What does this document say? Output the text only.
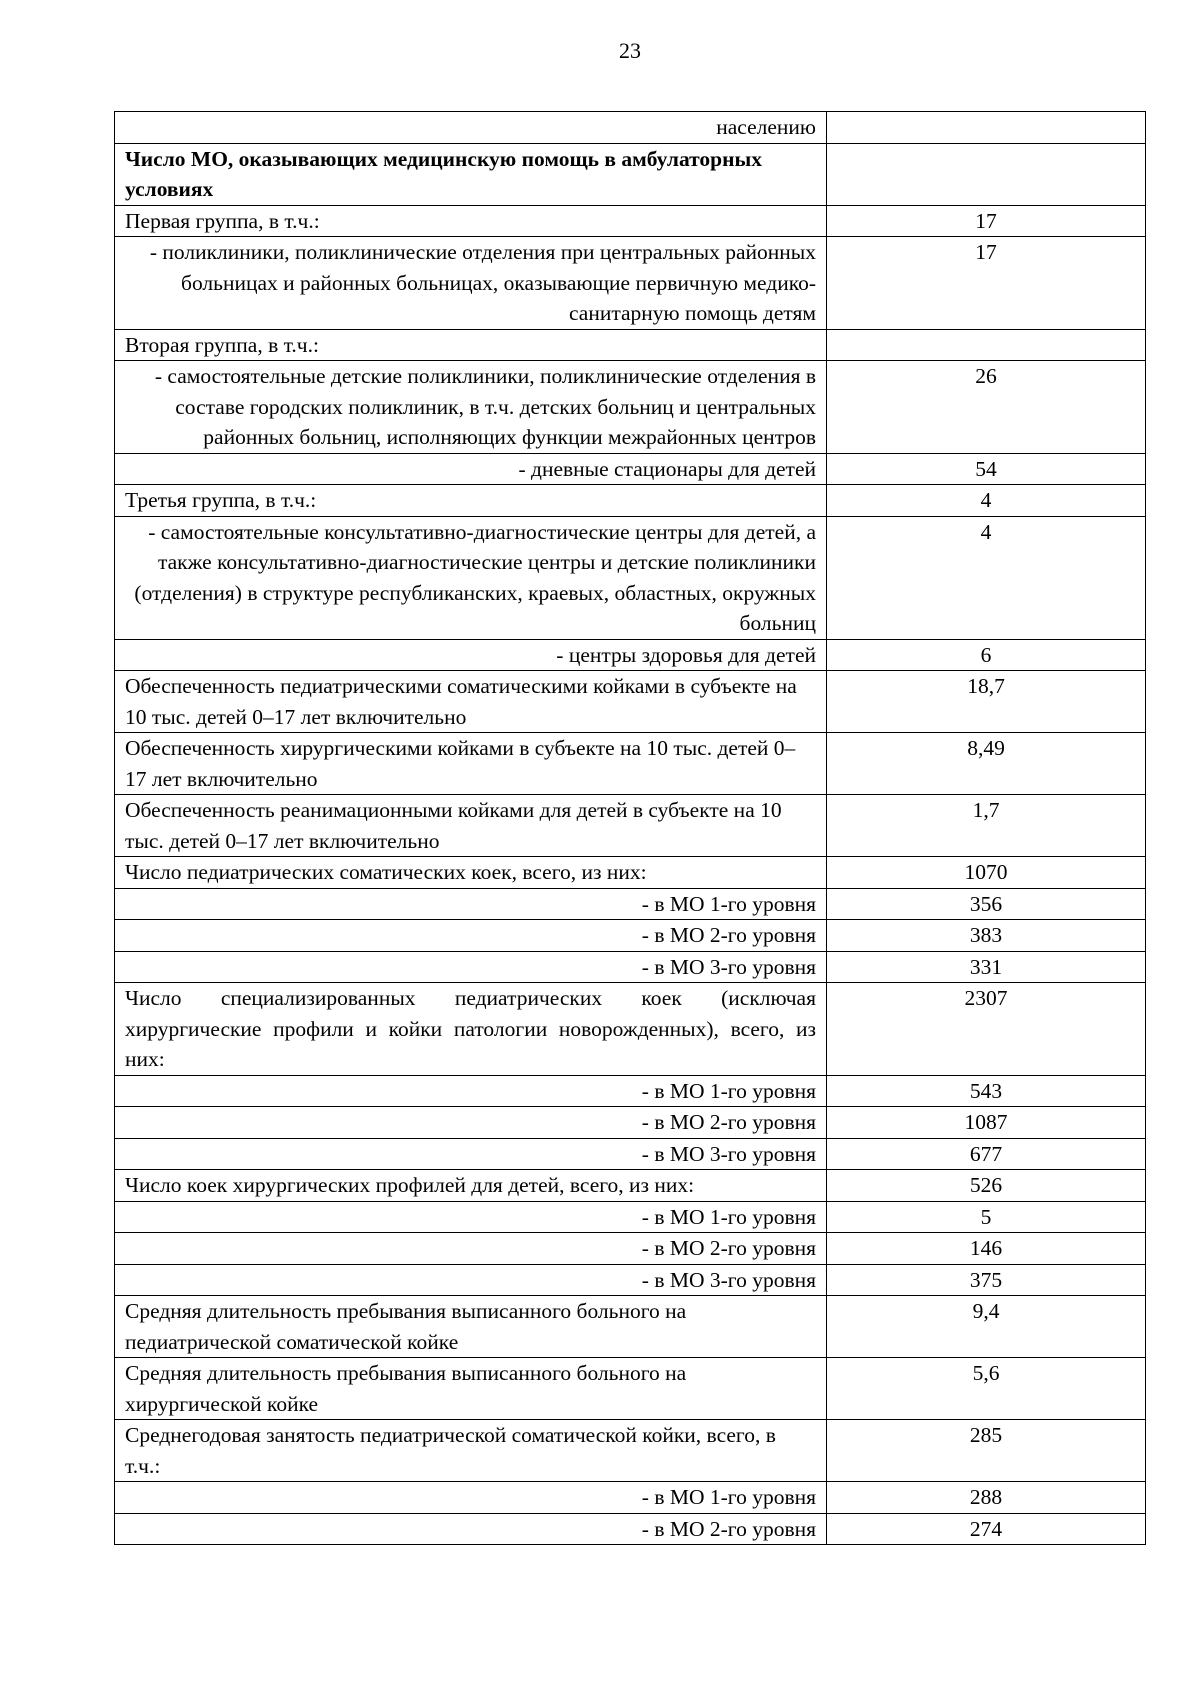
23
населению	
Число МО, оказывающих медицинскую помощь в амбулаторных условиях	
Первая группа, в т.ч.:	17
- поликлиники, поликлинические отделения при центральных районных больницах и районных больницах, оказывающие первичную медико-санитарную помощь детям	17
Вторая группа, в т.ч.:	
- самостоятельные детские поликлиники, поликлинические отделения в составе городских поликлиник, в т.ч. детских больниц и центральных районных больниц, исполняющих функции межрайонных центров	26
- дневные стационары для детей	54
Третья группа, в т.ч.:	4
- самостоятельные консультативно-диагностические центры для детей, а также консультативно-диагностические центры и детские поликлиники (отделения) в структуре республиканских, краевых, областных, окружных больниц	4
- центры здоровья для детей	6
Обеспеченность педиатрическими соматическими койками в субъекте на 10 тыс. детей 0–17 лет включительно	18,7
Обеспеченность хирургическими койками в субъекте на 10 тыс. детей 0–17 лет включительно	8,49
Обеспеченность реанимационными койками для детей в субъекте на 10 тыс. детей 0–17 лет включительно	1,7
Число педиатрических соматических коек, всего, из них:	1070
- в МО 1-го уровня	356
- в МО 2-го уровня	383
- в МО 3-го уровня	331
Число специализированных педиатрических коек (исключая хирургические профили и койки патологии новорожденных), всего, из них:	2307
- в МО 1-го уровня	543
- в МО 2-го уровня	1087
- в МО 3-го уровня	677
Число коек хирургических профилей для детей, всего, из них:	526
- в МО 1-го уровня	5
- в МО 2-го уровня	146
- в МО 3-го уровня	375
Средняя длительность пребывания выписанного больного на педиатрической соматической койке	9,4
Средняя длительность пребывания выписанного больного на хирургической койке	5,6
Среднегодовая занятость педиатрической соматической койки, всего, в т.ч.:	285
- в МО 1-го уровня	288
- в МО 2-го уровня	274
